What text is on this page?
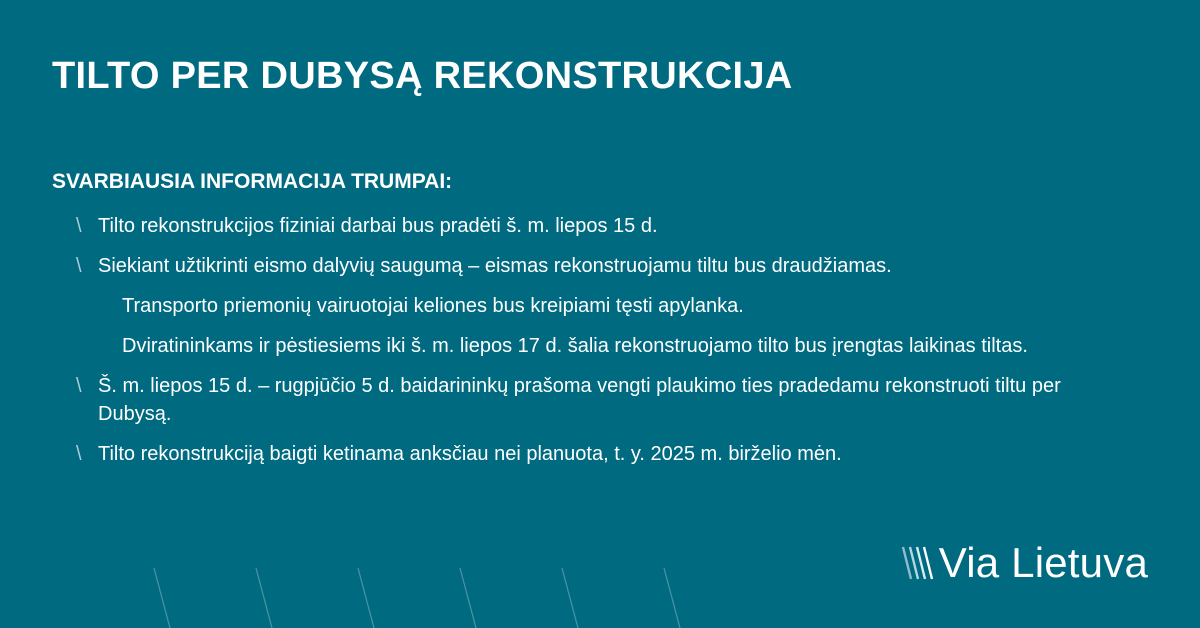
TILTO PER DUBYSĄ REKONSTRUKCIJA
SVARBIAUSIA INFORMACIJA TRUMPAI:
\ Tilto rekonstrukcijos fiziniai darbai bus pradėti š. m. liepos 15 d.
\ Siekiant užtikrinti eismo dalyvių saugumą – eismas rekonstruojamu tiltu bus draudžiamas.
Transporto priemonių vairuotojai keliones bus kreipiami tęsti apylanka.
Dviratininkams ir pėstiesiems iki š. m. liepos 17 d. šalia rekonstruojamo tilto bus įrengtas laikinas tiltas.
\ Š. m. liepos 15 d. – rugpjūčio 5 d. baidarininkų prašoma vengti plaukimo ties pradedamu rekonstruoti tiltu per Dubysą.
\ Tilto rekonstrukciją baigti ketinama anksčiau nei planuota, t. y. 2025 m. birželio mėn.
Via Lietuva
